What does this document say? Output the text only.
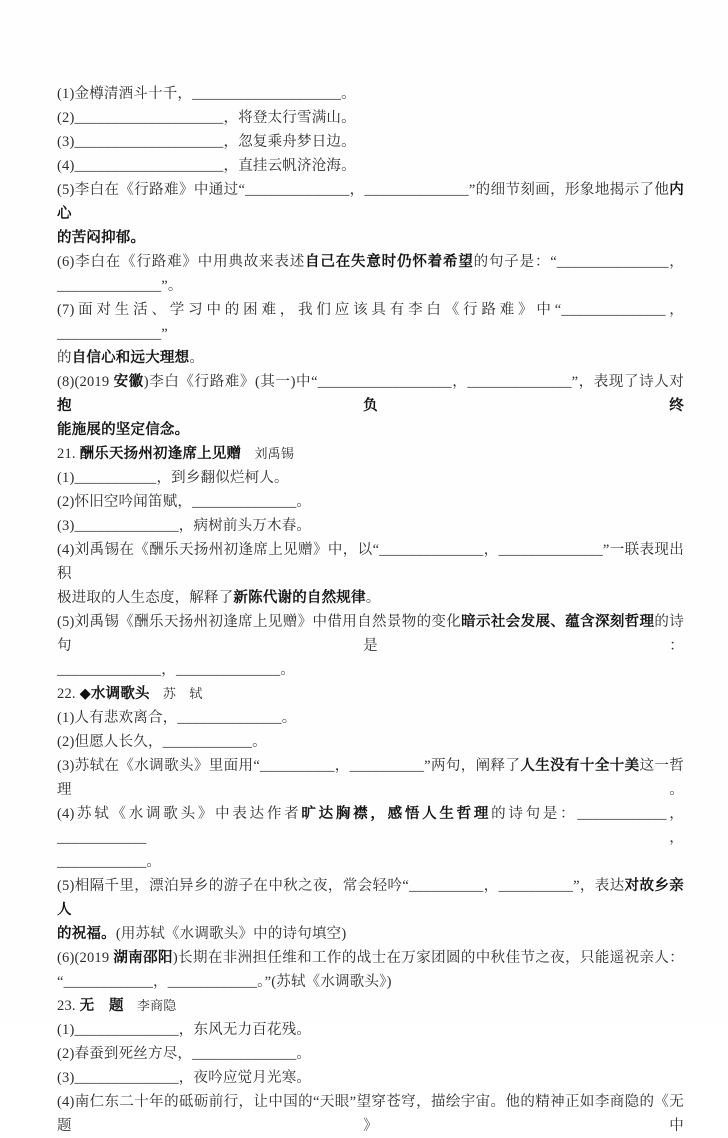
(1)金樽清酒斗十千，____________________。
(2)____________________，将登太行雪满山。
(3)____________________，忽复乘舟梦日边。
(4)____________________，直挂云帆济沧海。
(5)李白在《行路难》中通过“______________，______________”的细节刻画，形象地揭示了他内心
的苦闷抑郁。
(6)李白在《行路难》中用典故来表述自己在失意时仍怀着希望的句子是：“_______________，
______________”。
(7)面对生活、学习中的困难，我们应该具有李白《行路难》中“______________，______________”
的自信心和远大理想。
(8)(2019 安徽)李白《行路难》(其一)中“__________________，______________”，表现了诗人对抱负终
能施展的坚定信念。
21. 酬乐天扬州初逢席上见赠　刘禹锡
(1)___________，到乡翻似烂柯人。
(2)怀旧空吟闻笛赋，______________。
(3)______________，病树前头万木春。
(4)刘禹锡在《酬乐天扬州初逢席上见赠》中，以“______________，______________”一联表现出积
极进取的人生态度，解释了新陈代谢的自然规律。
(5)刘禹锡《酬乐天扬州初逢席上见赠》中借用自然景物的变化暗示社会发展、蕴含深刻哲理的诗句是：
______________，______________。
22. ◆水调歌头　苏　轼
(1)人有悲欢离合，______________。
(2)但愿人长久，____________。
(3)苏轼在《水调歌头》里面用“__________，__________”两句，阐释了人生没有十全十美这一哲理。
(4)苏轼《水调歌头》中表达作者旷达胸襟，感悟人生哲理的诗句是：____________，____________，
____________。
(5)相隔千里，漂泊异乡的游子在中秋之夜，常会轻吟“__________，__________”，表达对故乡亲人
的祝福。(用苏轼《水调歌头》中的诗句填空)
(6)(2019 湖南邵阳)长期在非洲担任维和工作的战士在万家团圆的中秋佳节之夜，只能遥祝亲人：
“____________，____________。”(苏轼《水调歌头》)
23. 无　题　李商隐
(1)______________，东风无力百花残。
(2)春蚕到死丝方尽，______________。
(3)______________，夜吟应觉月光寒。
(4)南仁东二十年的砥砺前行，让中国的“天眼”望穿苍穹，描绘宇宙。他的精神正如李商隐的《无题》中
